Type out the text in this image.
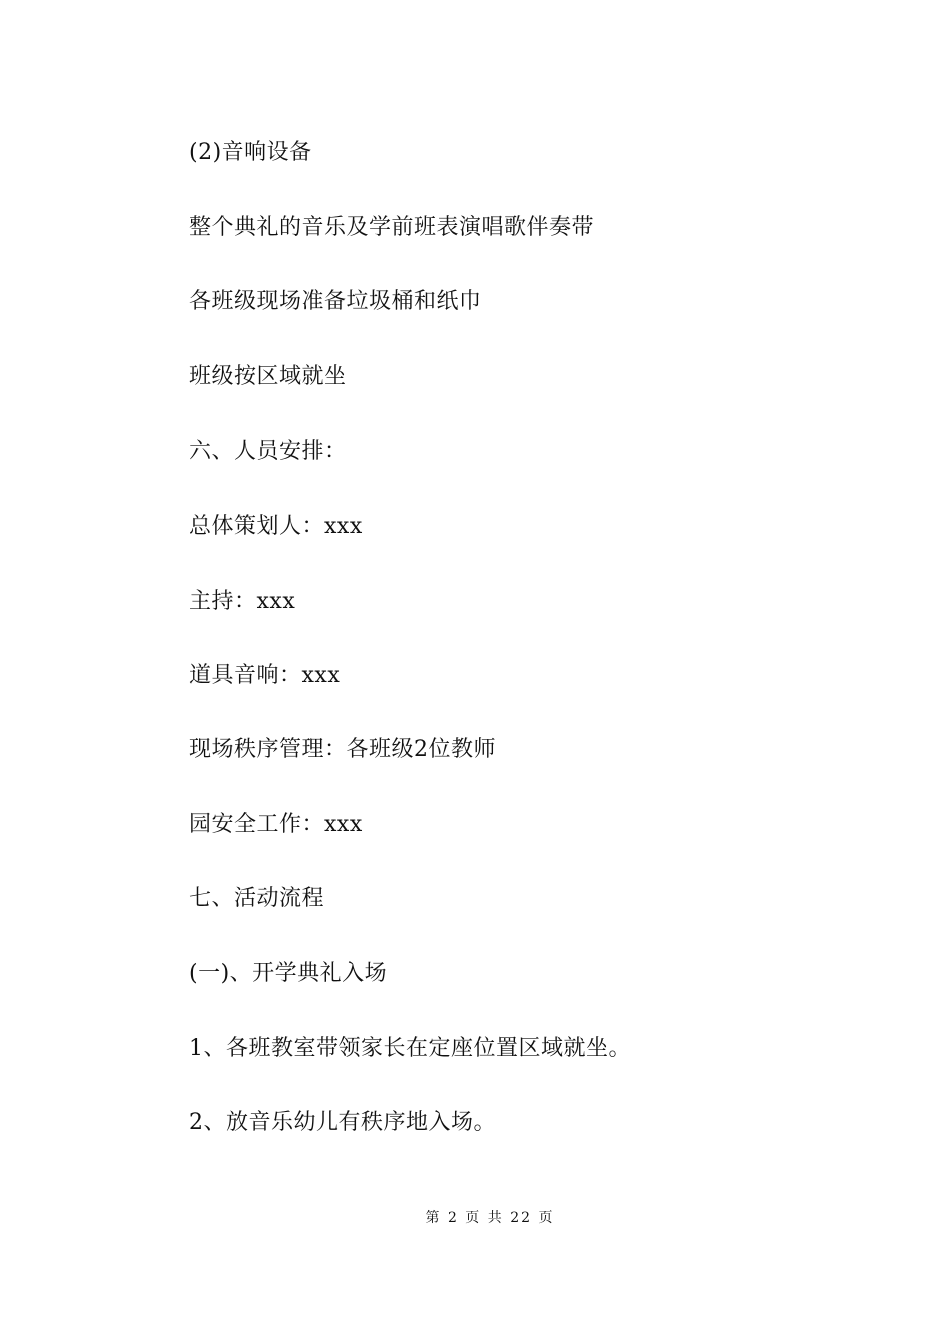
(2)音响设备
整个典礼的音乐及学前班表演唱歌伴奏带
各班级现场准备垃圾桶和纸巾
班级按区域就坐
六、人员安排：
总体策划人：xxx
主持：xxx
道具音响：xxx
现场秩序管理：各班级2位教师
园安全工作：xxx
七、活动流程
(一)、开学典礼入场
1、各班教室带领家长在定座位置区域就坐。
2、放音乐幼儿有秩序地入场。
第 2 页 共 22 页
